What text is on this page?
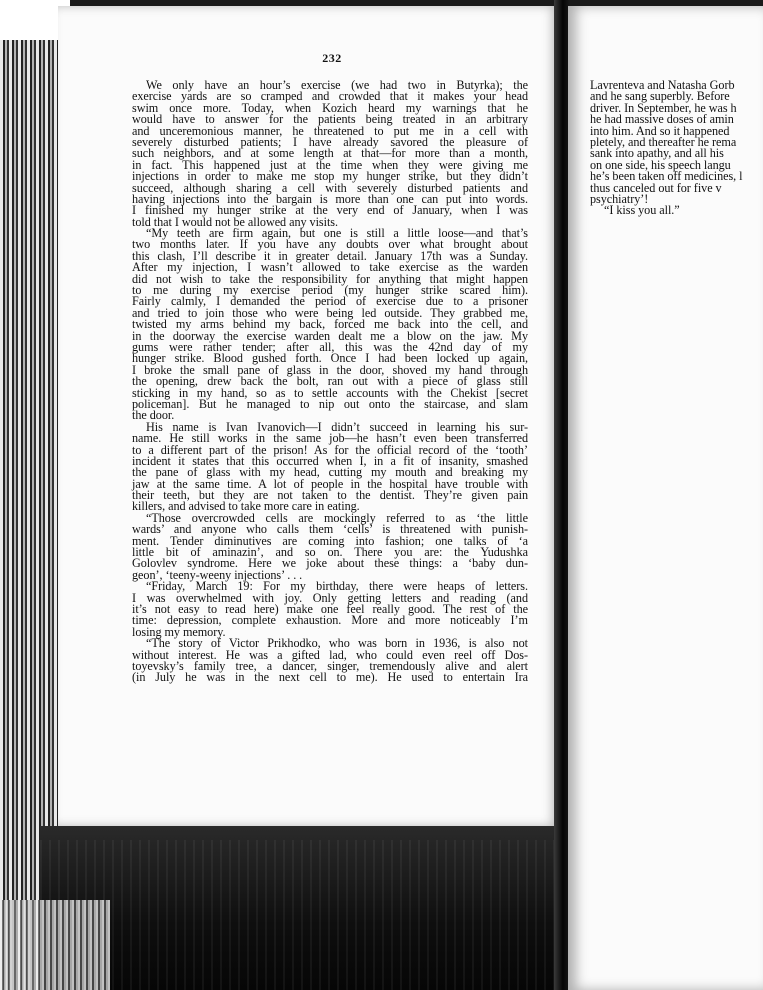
232
We only have an hour’s exercise (we had two in Butyrka); the
exercise yards are so cramped and crowded that it makes your head
swim once more. Today, when Kozich heard my warnings that he
would have to answer for the patients being treated in an arbitrary
and unceremonious manner, he threatened to put me in a cell with
severely disturbed patients; I have already savored the pleasure of
such neighbors, and at some length at that—for more than a month,
in fact. This happened just at the time when they were giving me
injections in order to make me stop my hunger strike, but they didn’t
succeed, although sharing a cell with severely disturbed patients and
having injections into the bargain is more than one can put into words.
I finished my hunger strike at the very end of January, when I was
told that I would not be allowed any visits.
“My teeth are firm again, but one is still a little loose—and that’s
two months later. If you have any doubts over what brought about
this clash, I’ll describe it in greater detail. January 17th was a Sunday.
After my injection, I wasn’t allowed to take exercise as the warden
did not wish to take the responsibility for anything that might happen
to me during my exercise period (my hunger strike scared him).
Fairly calmly, I demanded the period of exercise due to a prisoner
and tried to join those who were being led outside. They grabbed me,
twisted my arms behind my back, forced me back into the cell, and
in the doorway the exercise warden dealt me a blow on the jaw. My
gums were rather tender; after all, this was the 42nd day of my
hunger strike. Blood gushed forth. Once I had been locked up again,
I broke the small pane of glass in the door, shoved my hand through
the opening, drew back the bolt, ran out with a piece of glass still
sticking in my hand, so as to settle accounts with the Chekist [secret
policeman]. But he managed to nip out onto the staircase, and slam
the door.
His name is Ivan Ivanovich—I didn’t succeed in learning his sur-
name. He still works in the same job—he hasn’t even been transferred
to a different part of the prison! As for the official record of the ‘tooth’
incident it states that this occurred when I, in a fit of insanity, smashed
the pane of glass with my head, cutting my mouth and breaking my
jaw at the same time. A lot of people in the hospital have trouble with
their teeth, but they are not taken to the dentist. They’re given pain
killers, and advised to take more care in eating.
“Those overcrowded cells are mockingly referred to as ‘the little
wards’ and anyone who calls them ‘cells’ is threatened with punish-
ment. Tender diminutives are coming into fashion; one talks of ‘a
little bit of aminazin’, and so on. There you are: the Yudushka
Golovlev syndrome. Here we joke about these things: a ‘baby dun-
geon’, ‘teeny-weeny injections’ . . .
“Friday, March 19: For my birthday, there were heaps of letters.
I was overwhelmed with joy. Only getting letters and reading (and
it’s not easy to read here) make one feel really good. The rest of the
time: depression, complete exhaustion. More and more noticeably I’m
losing my memory.
“The story of Victor Prikhodko, who was born in 1936, is also not
without interest. He was a gifted lad, who could even reel off Dos-
toyevsky’s family tree, a dancer, singer, tremendously alive and alert
(in July he was in the next cell to me). He used to entertain Ira
Lavrenteva and Natasha Gorb
and he sang superbly. Before
driver. In September, he was h
he had massive doses of amin
into him. And so it happened
pletely, and thereafter he rema
sank into apathy, and all his
on one side, his speech langu
he’s been taken off medicines, l
thus canceled out for five v
psychiatry’!
“I kiss you all.”
